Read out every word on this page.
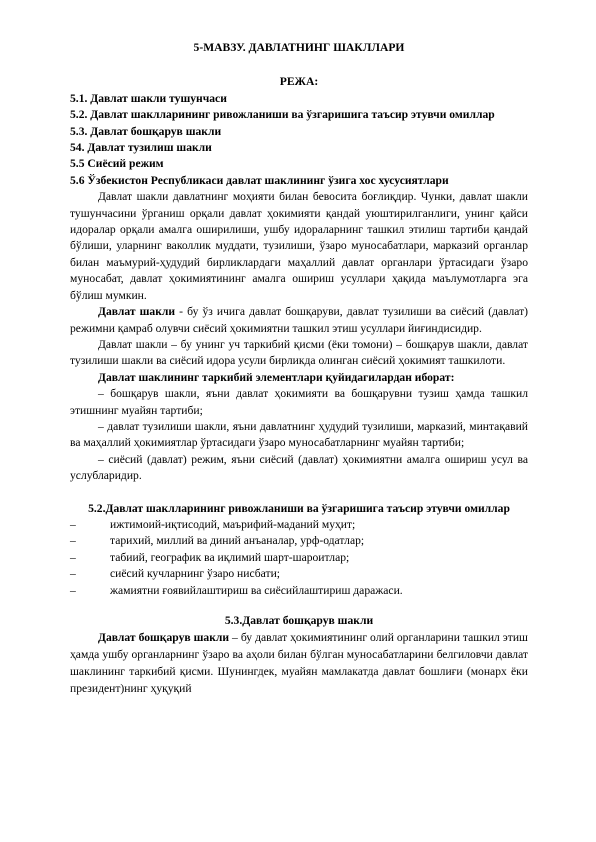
5-МАВЗУ. ДАВЛАТНИНГ ШАКЛЛАРИ
РЕЖА:
5.1. Давлат шакли тушунчаси
5.2. Давлат шаклларининг ривожланиши ва ўзгаришига таъсир этувчи омиллар
5.3. Давлат бошқарув шакли
54. Давлат тузилиш шакли
5.5 Сиёсий режим
5.6 Ўзбекистон Республикаси давлат шаклининг ўзига хос хусусиятлари

Давлат шакли давлатнинг моҳияти билан бевосита боғлиқдир. Чунки, давлат шакли тушунчасини ўрганиш орқали давлат ҳокимияти қандай уюштирилганлиги, унинг қайси идоралар орқали амалга оширилиши, ушбу идораларнинг ташкил этилиш тартиби қандай бўлиши, уларнинг ваколлик муддати, тузилиши, ўзаро муносабатлари, марказий органлар билан маъмурий-ҳудудий бирликлардаги маҳаллий давлат органлари ўртасидаги ўзаро муносабат, давлат ҳокимиятининг амалга ошириш усуллари ҳақида маълумотларга эга бўлиш мумкин.

Давлат шакли - бу ўз ичига давлат бошқаруви, давлат тузилиши ва сиёсий (давлат) режимни қамраб олувчи сиёсий ҳокимиятни ташкил этиш усуллари йиғиндисидир.

Давлат шакли – бу унинг уч таркибий қисми (ёки томони) – бошқарув шакли, давлат тузилиши шакли ва сиёсий идора усули бирликда олинган сиёсий ҳокимият ташкилоти.

Давлат шаклининг таркибий элементлари қуйидагилардан иборат:

– бошқарув шакли, яъни давлат ҳокимияти ва бошқарувни тузиш ҳамда ташкил этишнинг муайян тартиби;

– давлат тузилиши шакли, яъни давлатнинг ҳудудий тузилиши, марказий, минтақавий ва маҳаллий ҳокимиятлар ўртасидаги ўзаро муносабатларнинг муайян тартиби;

– сиёсий (давлат) режим, яъни сиёсий (давлат) ҳокимиятни амалга ошириш усул ва услубларидир.

5.2.Давлат шаклларининг ривожланиши ва ўзгаришига таъсир этувчи омиллар
–	ижтимоий-иқтисодий, маърифий-маданий муҳит;
–	тарихий, миллий ва диний анъаналар, урф-одатлар;
–	табиий, географик ва иқлимий шарт-шароитлар;
–	сиёсий кучларнинг ўзаро нисбати;
–	жамиятни ғоявийлаштириш ва сиёсийлаштириш даражаси.
5.3.Давлат бошқарув шакли

Давлат бошқарув шакли – бу давлат ҳокимиятининг олий органларини ташкил этиш ҳамда ушбу органларнинг ўзаро ва аҳоли билан бўлган муносабатларини белгиловчи давлат шаклининг таркибий қисми. Шунингдек, муайян мамлакатда давлат бошлиғи (монарх ёки президент)нинг ҳуқуқий
